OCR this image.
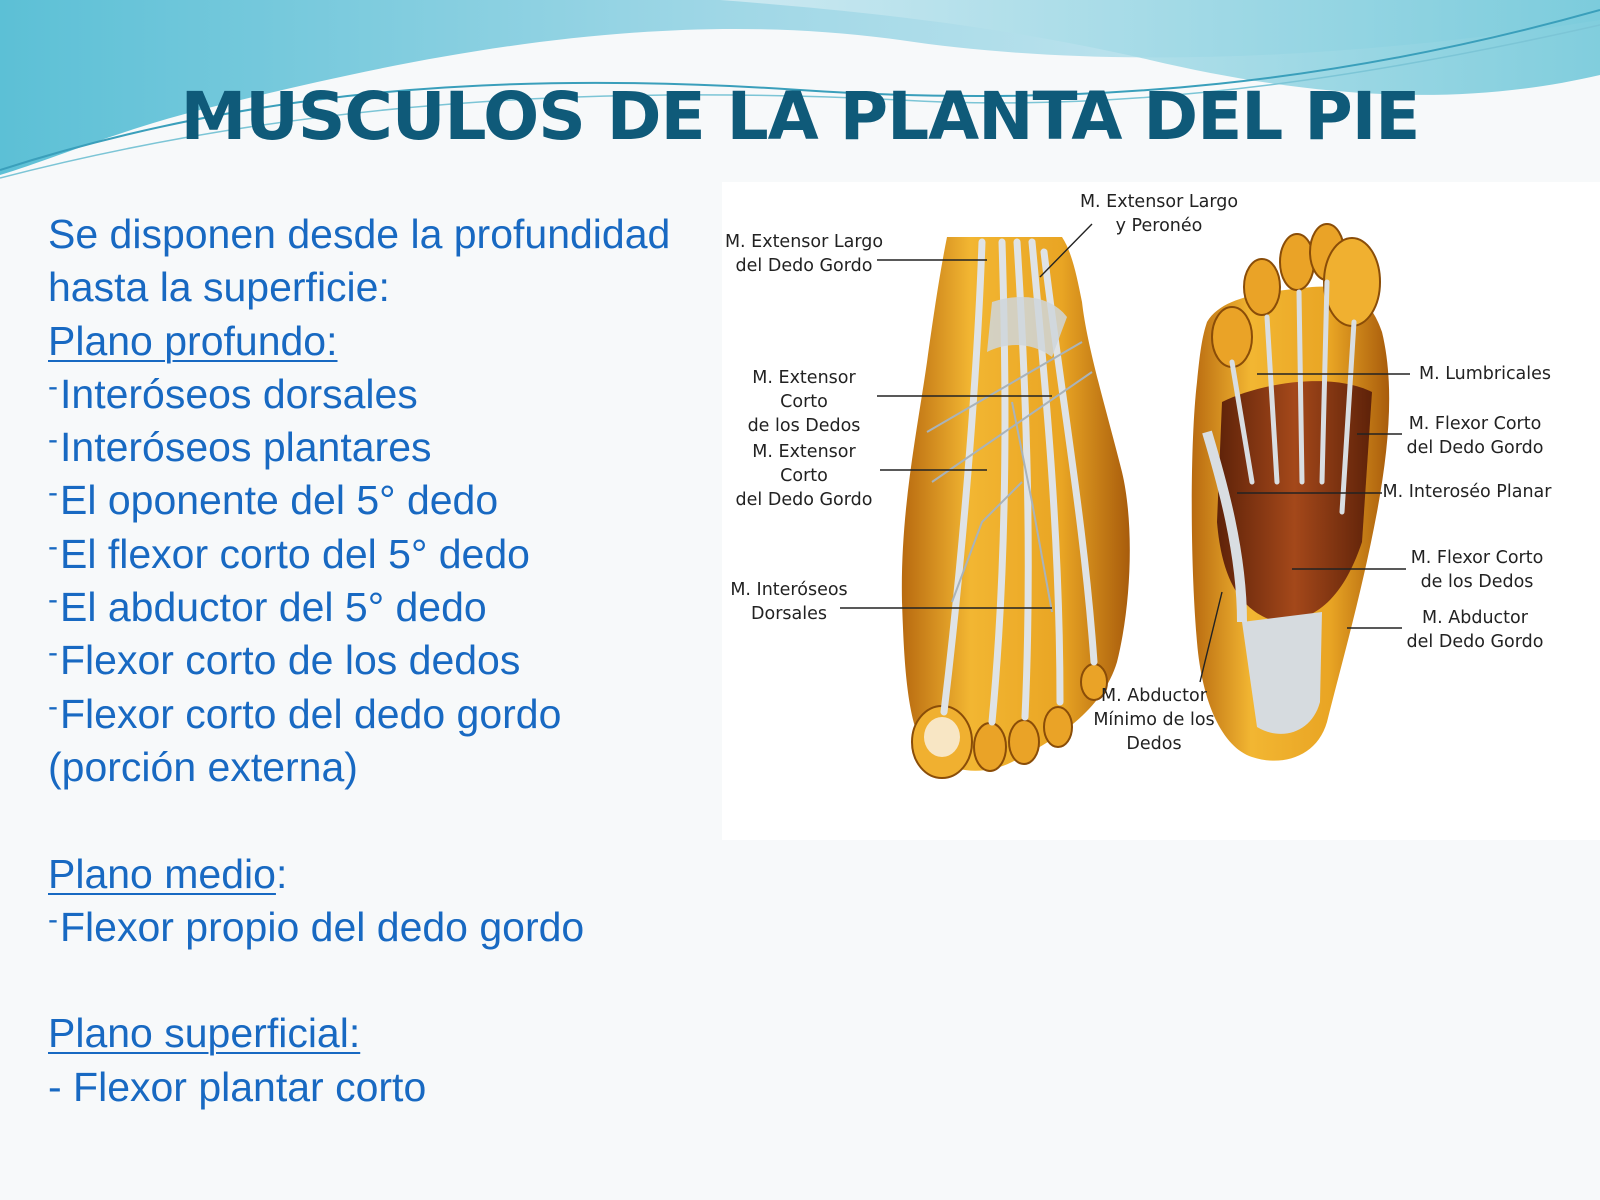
MUSCULOS DE LA PLANTA DEL PIE
Se disponen desde la profundidad
hasta la superficie:
Plano profundo:
-Interóseos dorsales
-Interóseos plantares
-El oponente del 5° dedo
-El flexor corto del 5° dedo
-El abductor del 5° dedo
-Flexor corto de los dedos
-Flexor corto del dedo gordo
(porción externa)
Plano medio:
-Flexor propio del dedo gordo
Plano superficial:
- Flexor plantar corto
M. Extensor Largo
y Peronéo
M. Extensor Largo
del Dedo Gordo
M. Extensor Corto
de los Dedos
M. Extensor Corto
del Dedo Gordo
M. Interóseos
Dorsales
M. Abductor
Mínimo de los
Dedos
M. Lumbricales
M. Flexor Corto
del Dedo Gordo
M. Interoséo Planar
M. Flexor Corto
de los Dedos
M. Abductor
del Dedo Gordo
